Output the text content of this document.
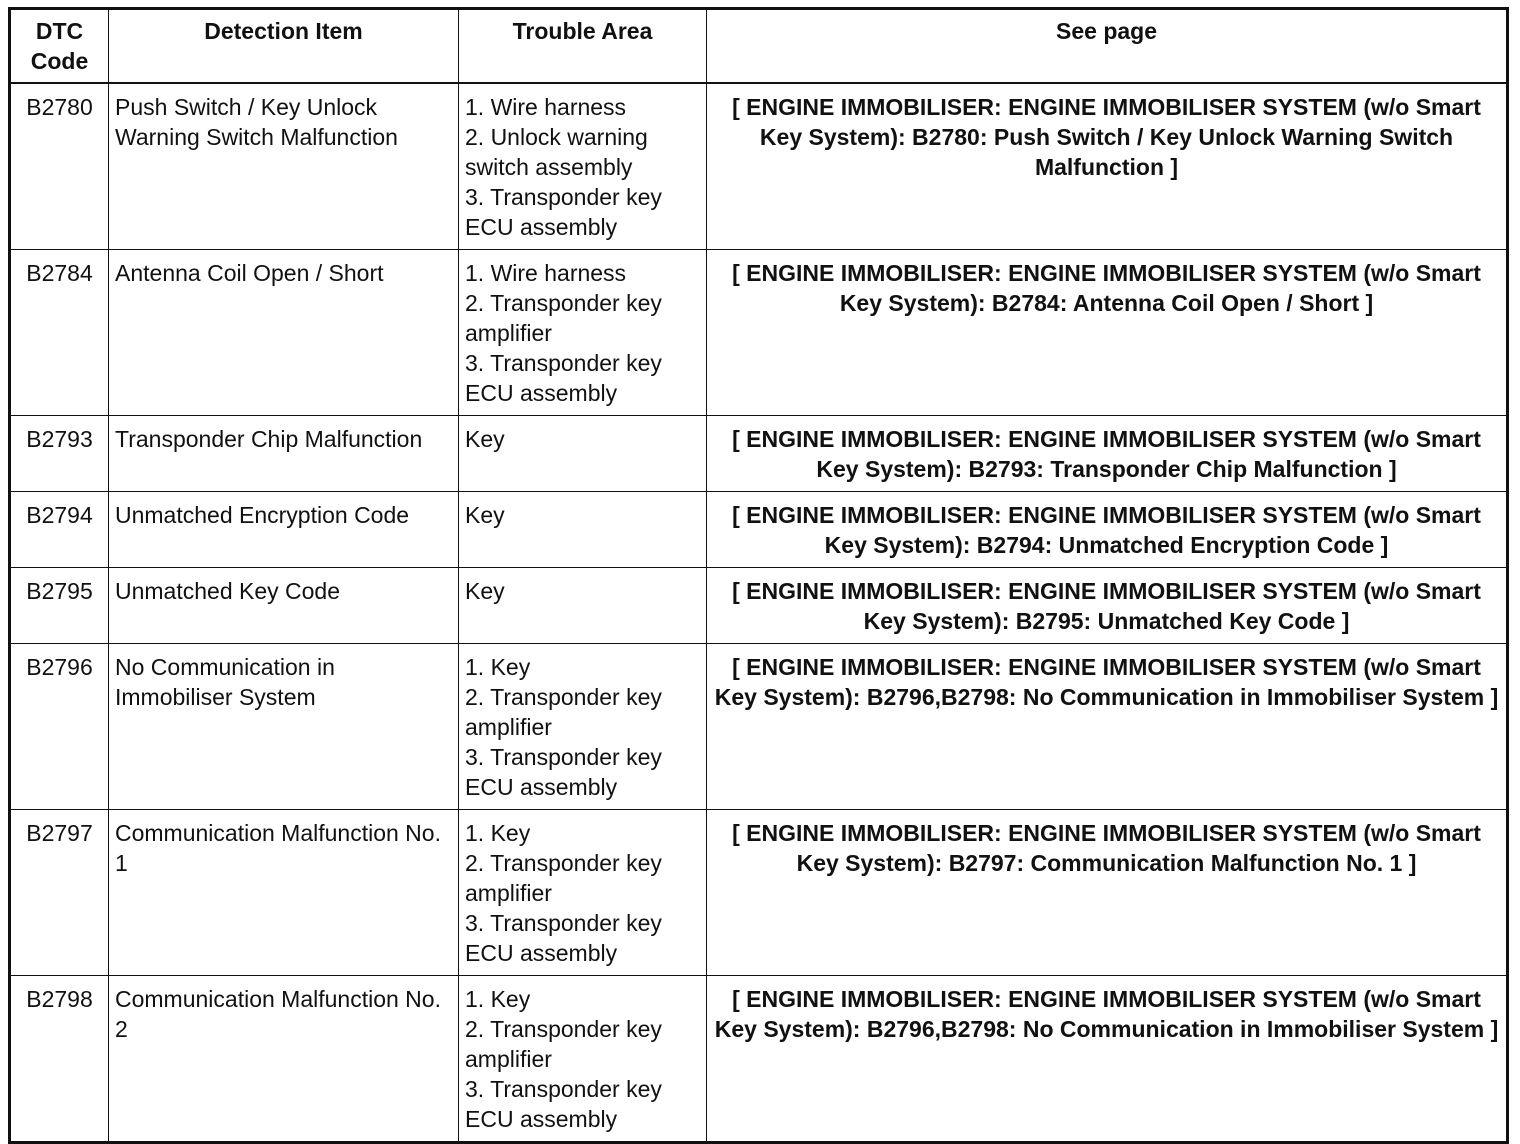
DTC
Code	Detection Item	Trouble Area	See page
B2780	Push Switch / Key Unlock Warning Switch Malfunction	1. Wire harness
2. Unlock warning switch assembly
3. Transponder key ECU assembly	[ ENGINE IMMOBILISER: ENGINE IMMOBILISER SYSTEM (w/o Smart Key System): B2780: Push Switch / Key Unlock Warning Switch Malfunction ]
B2784	Antenna Coil Open / Short	1. Wire harness
2. Transponder key amplifier
3. Transponder key ECU assembly	[ ENGINE IMMOBILISER: ENGINE IMMOBILISER SYSTEM (w/o Smart Key System): B2784: Antenna Coil Open / Short ]
B2793	Transponder Chip Malfunction	Key	[ ENGINE IMMOBILISER: ENGINE IMMOBILISER SYSTEM (w/o Smart Key System): B2793: Transponder Chip Malfunction ]
B2794	Unmatched Encryption Code	Key	[ ENGINE IMMOBILISER: ENGINE IMMOBILISER SYSTEM (w/o Smart Key System): B2794: Unmatched Encryption Code ]
B2795	Unmatched Key Code	Key	[ ENGINE IMMOBILISER: ENGINE IMMOBILISER SYSTEM (w/o Smart Key System): B2795: Unmatched Key Code ]
B2796	No Communication in Immobiliser System	1. Key
2. Transponder key amplifier
3. Transponder key ECU assembly	[ ENGINE IMMOBILISER: ENGINE IMMOBILISER SYSTEM (w/o Smart Key System): B2796,B2798: No Communication in Immobiliser System ]
B2797	Communication Malfunction No. 1	1. Key
2. Transponder key amplifier
3. Transponder key ECU assembly	[ ENGINE IMMOBILISER: ENGINE IMMOBILISER SYSTEM (w/o Smart Key System): B2797: Communication Malfunction No. 1 ]
B2798	Communication Malfunction No. 2	1. Key
2. Transponder key amplifier
3. Transponder key ECU assembly	[ ENGINE IMMOBILISER: ENGINE IMMOBILISER SYSTEM (w/o Smart Key System): B2796,B2798: No Communication in Immobiliser System ]
